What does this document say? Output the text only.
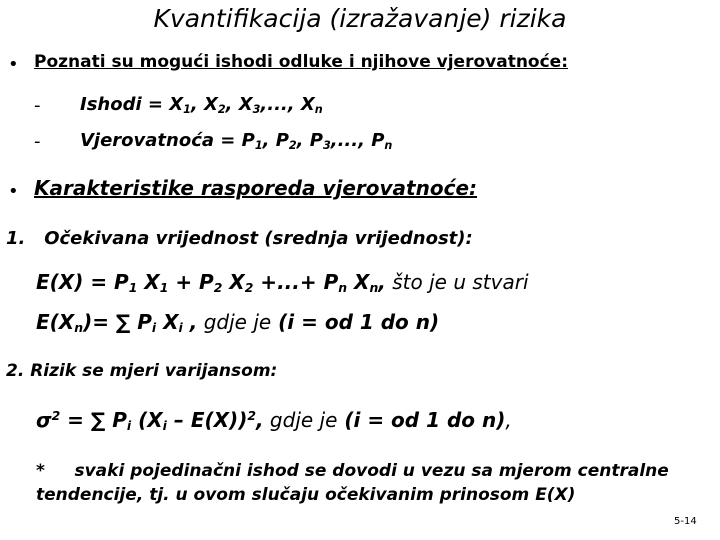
Kvantifikacija (izražavanje) rizika
• Poznati su mogući ishodi odluke i njihove vjerovatnoće:
- Ishodi = $X_1$, $X_2$, $X_3$,..., $X_n$
- Vjerovatnoća = $P_1$, $P_2$, $P_3$,..., $P_n$
• Karakteristike rasporeda vjerovatnoće:
1. Očekivana vrijednost (srednja vrijednost):
$E(X) = P_1$ $X_1 + P_2$ $X_2$ +...+ $P_n$ $X_n$, što je u stvari
$E(X_n)=$ ∑ $P_i$ $X_i$ , gdje je (i = od 1 do n)
2. Rizik se mjeri varijansom:
$\sigma^2$ = ∑ $P_i$ $(X_i - E(X))^2$, gdje je (i = od 1 do n),
*     svaki pojedinačni ishod se dovodi u vezu sa mjerom centralne
tendencije, tj. u ovom slučaju očekivanim prinosom E(X)
5-14
